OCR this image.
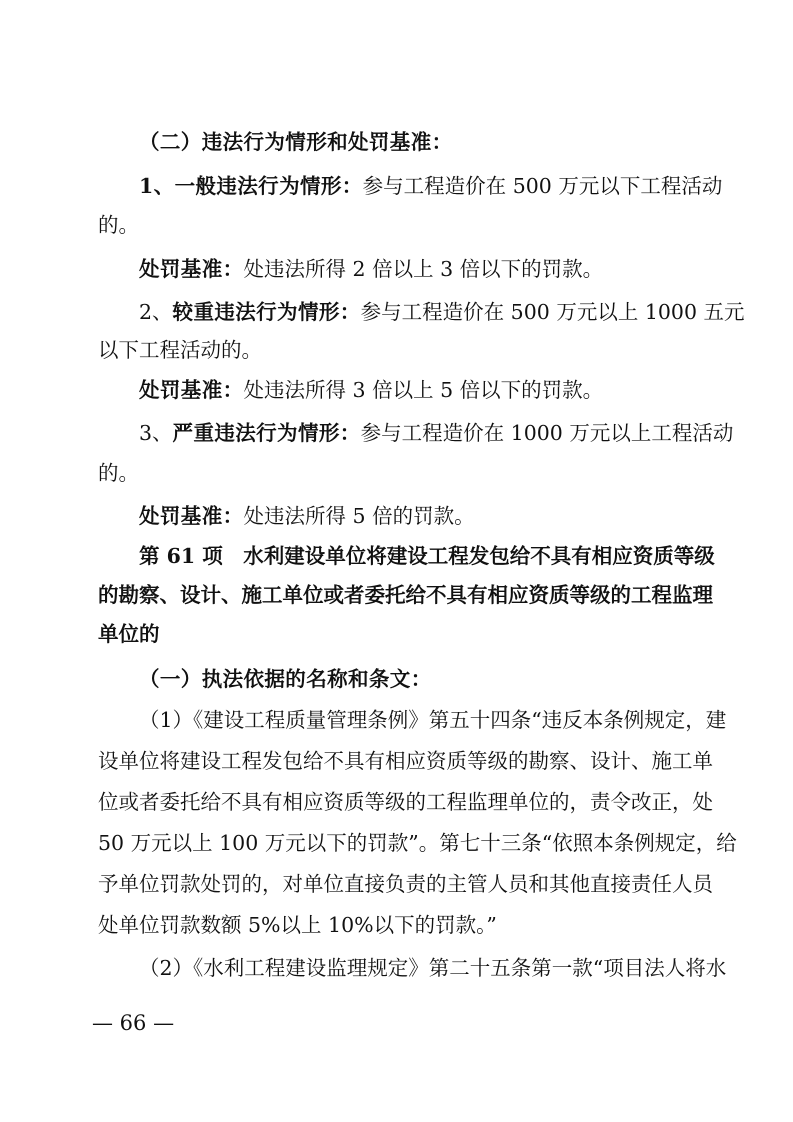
（二）违法行为情形和处罚基准：
1、一般违法行为情形：参与工程造价在 500 万元以下工程活动
的。
处罚基准：处违法所得 2 倍以上 3 倍以下的罚款。
2、较重违法行为情形：参与工程造价在 500 万元以上 1000 五元
以下工程活动的。
处罚基准：处违法所得 3 倍以上 5 倍以下的罚款。
3、严重违法行为情形：参与工程造价在 1000 万元以上工程活动
的。
处罚基准：处违法所得 5 倍的罚款。
第 61 项　水利建设单位将建设工程发包给不具有相应资质等级
的勘察、设计、施工单位或者委托给不具有相应资质等级的工程监理
单位的
（一）执法依据的名称和条文：
（1）《建设工程质量管理条例》第五十四条“违反本条例规定，建
设单位将建设工程发包给不具有相应资质等级的勘察、设计、施工单
位或者委托给不具有相应资质等级的工程监理单位的，责令改正，处
50 万元以上 100 万元以下的罚款”。第七十三条“依照本条例规定，给
予单位罚款处罚的，对单位直接负责的主管人员和其他直接责任人员
处单位罚款数额 5%以上 10%以下的罚款。”
（2）《水利工程建设监理规定》第二十五条第一款“项目法人将水
— 66 —
